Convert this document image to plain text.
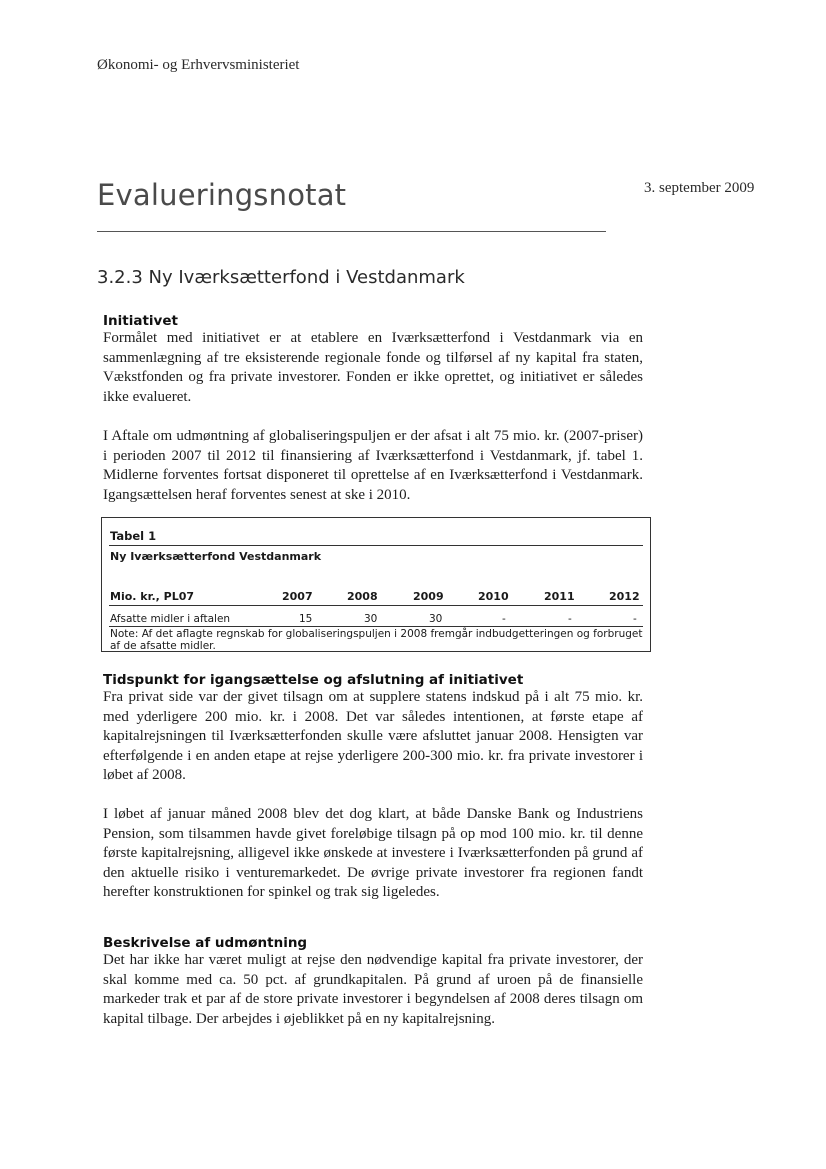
Økonomi- og Erhvervsministeriet
Evalueringsnotat	3. september 2009
3.2.3 Ny Iværksætterfond i Vestdanmark
Initiativet

Formålet med initiativet er at etablere en Iværksætterfond i Vestdanmark via en sammenlægning af tre eksisterende regionale fonde og tilførsel af ny kapital fra staten, Vækstfonden og fra private investorer. Fonden er ikke oprettet, og initiativet er således ikke evalueret.

I Aftale om udmøntning af globaliseringspuljen er der afsat i alt 75 mio. kr. (2007-priser) i perioden 2007 til 2012 til finansiering af Iværksætterfond i Vestdanmark, jf. tabel 1. Midlerne forventes fortsat disponeret til oprettelse af en Iværksætterfond i Vestdanmark. Igangsættelsen heraf forventes senest at ske i 2010.

Tabel 1
Ny Iværksætterfond Vestdanmark
Mio. kr., PL07	2007	2008	2009	2010	2011	2012
Afsatte midler i aftalen	15	30	30	-	-	-
Note: Af det aflagte regnskab for globaliseringspuljen i 2008 fremgår indbudgetteringen og forbruget af de afsatte midler.
Tidspunkt for igangsættelse og afslutning af initiativet

Fra privat side var der givet tilsagn om at supplere statens indskud på i alt 75 mio. kr. med yderligere 200 mio. kr. i 2008. Det var således intentionen, at første etape af kapitalrejsningen til Iværksætterfonden skulle være afsluttet januar 2008. Hensigten var efterfølgende i en anden etape at rejse yderligere 200-300 mio. kr. fra private investorer i løbet af 2008.

I løbet af januar måned 2008 blev det dog klart, at både Danske Bank og Industriens Pension, som tilsammen havde givet foreløbige tilsagn på op mod 100 mio. kr. til denne første kapitalrejsning, alligevel ikke ønskede at investere i Iværksætterfonden på grund af den aktuelle risiko i venturemarkedet. De øvrige private investorer fra regionen fandt herefter konstruktionen for spinkel og trak sig ligeledes.

Beskrivelse af udmøntning

Det har ikke har været muligt at rejse den nødvendige kapital fra private investorer, der skal komme med ca. 50 pct. af grundkapitalen. På grund af uroen på de finansielle markeder trak et par af de store private investorer i begyndelsen af 2008 deres tilsagn om kapital tilbage. Der arbejdes i øjeblikket på en ny kapitalrejsning.
